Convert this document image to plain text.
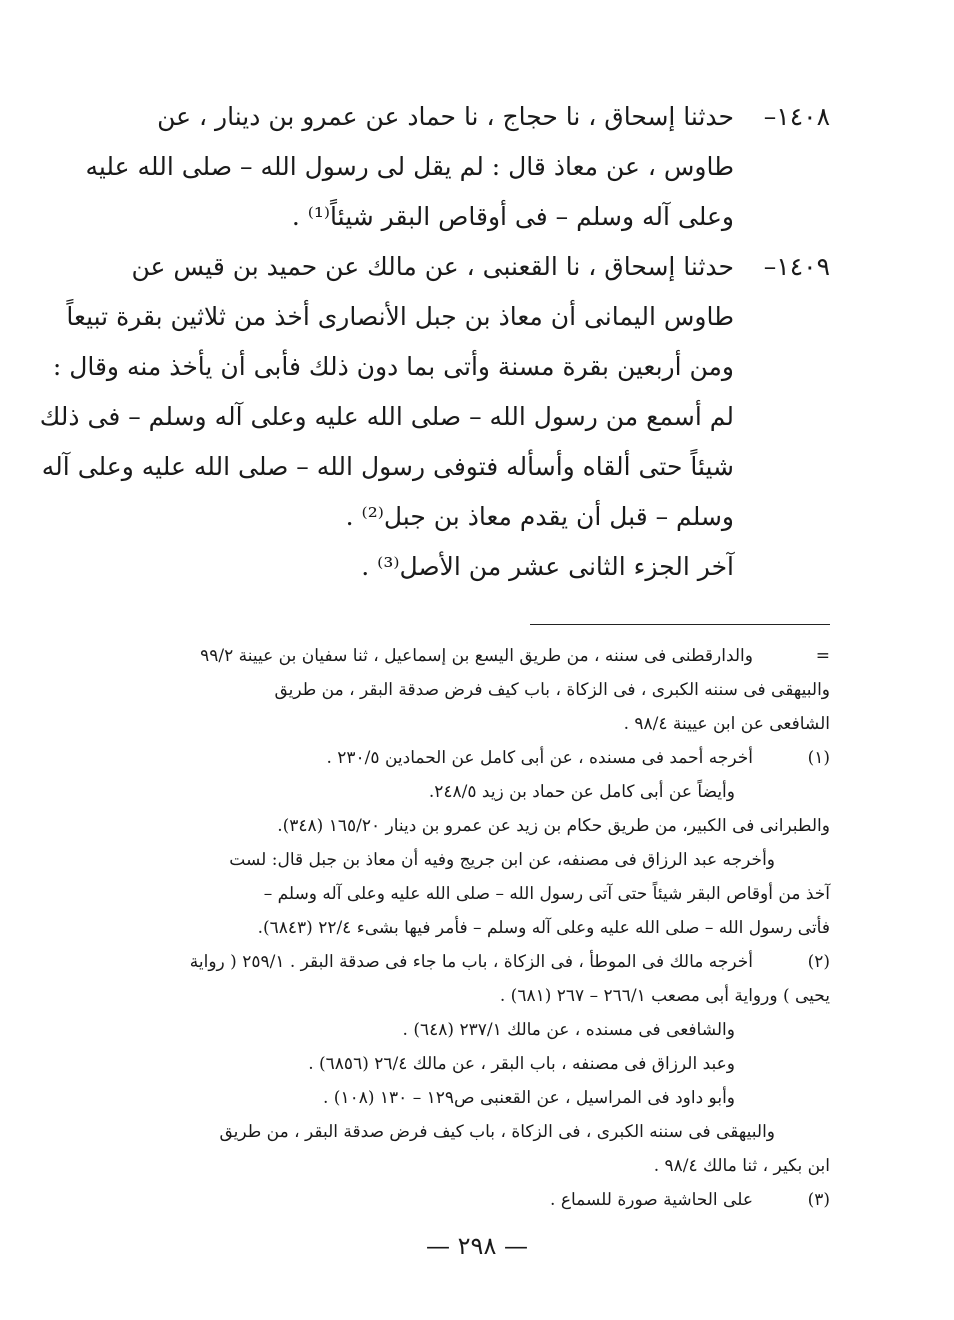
١٤٠٨–حدثنا إسحاق ، نا حجاج ، نا حماد عن عمرو بن دينار ، عن
طاوس ، عن معاذ قال : لم يقل لى رسول الله – صلى الله عليه
وعلى آله وسلم – فى أوقاص البقر شيئاً⁽¹⁾ .
١٤٠٩–حدثنا إسحاق ، نا القعنبى ، عن مالك عن حميد بن قيس عن
طاوس اليمانى أن معاذ بن جبل الأنصارى أخذ من ثلاثين بقرة تبيعاً
ومن أربعين بقرة مسنة وأتى بما دون ذلك فأبى أن يأخذ منه وقال :
لم أسمع من رسول الله – صلى الله عليه وعلى آله وسلم – فى ذلك
شيئاً حتى ألقاه وأسأله فتوفى رسول الله – صلى الله عليه وعلى آله
وسلم – قبل أن يقدم معاذ بن جبل⁽²⁾ .
آخر الجزء الثانى عشر من الأصل⁽³⁾ .
=والدارقطنى فى سننه ، من طريق اليسع بن إسماعيل ، ثنا سفيان بن عيينة ٩٩/٢
والبيهقى فى سننه الكبرى ، فى الزكاة ، باب كيف فرض صدقة البقر ، من طريق
الشافعى عن ابن عيينة ٩٨/٤ .
(١)أخرجه أحمد فى مسنده ، عن أبى كامل عن الحمادين ٢٣٠/٥ .
وأيضاً عن أبى كامل عن حماد بن زيد ٢٤٨/٥.
والطبرانى فى الكبير، من طريق حكام بن زيد عن عمرو بن دينار ١٦٥/٢٠ (٣٤٨).
وأخرجه عبد الرزاق فى مصنفه، عن ابن جريج وفيه أن معاذ بن جبل قال: لست
آخذ من أوقاص البقر شيئاً حتى آتى رسول الله – صلى الله عليه وعلى آله وسلم –
فأتى رسول الله – صلى الله عليه وعلى آله وسلم – فأمر فيها بشىء ٢٢/٤ (٦٨٤٣).
(٢)أخرجه مالك فى الموطأ ، فى الزكاة ، باب ما جاء فى صدقة البقر . ٢٥٩/١ ( رواية
يحيى ) ورواية أبى مصعب ٢٦٦/١ – ٢٦٧ (٦٨١) .
والشافعى فى مسنده ، عن مالك ٢٣٧/١ (٦٤٨) .
وعبد الرزاق فى مصنفه ، باب البقر ، عن مالك ٢٦/٤ (٦٨٥٦) .
وأبو داود فى المراسيل ، عن القعنبى ص١٢٩ – ١٣٠ (١٠٨) .
والبيهقى فى سننه الكبرى ، فى الزكاة ، باب كيف فرض صدقة البقر ، من طريق
ابن بكير ، ثنا مالك ٩٨/٤ .
(٣)على الحاشية صورة للسماع .
— ٢٩٨ —
